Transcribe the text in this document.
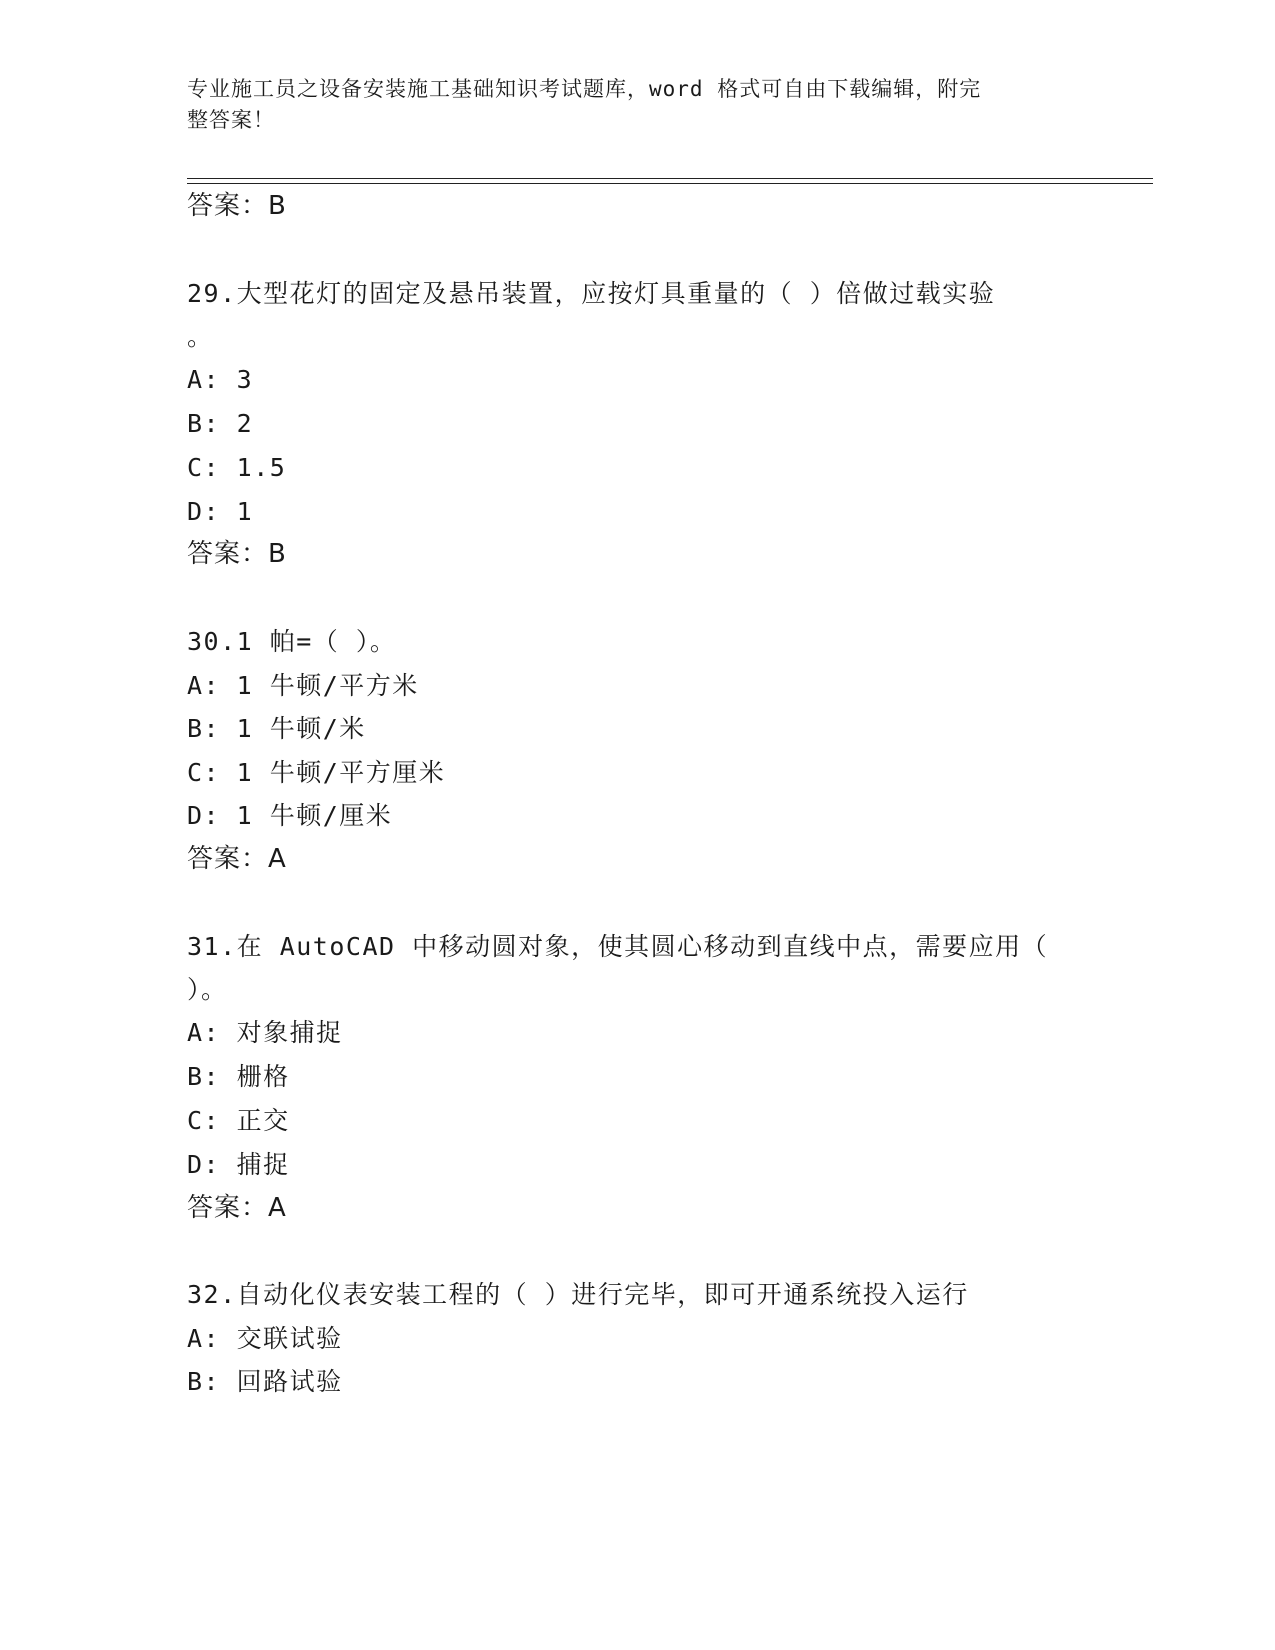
专业施工员之设备安装施工基础知识考试题库，word 格式可自由下载编辑，附完
整答案！
答案：B
29.大型花灯的固定及悬吊装置，应按灯具重量的（ ）倍做过载实验
。
A: 3
B: 2
C: 1.5
D: 1
答案：B
30.1 帕=（ ）。
A: 1 牛顿/平方米
B: 1 牛顿/米
C: 1 牛顿/平方厘米
D: 1 牛顿/厘米
答案：A
31.在 AutoCAD 中移动圆对象，使其圆心移动到直线中点，需要应用（
）。
A: 对象捕捉
B: 栅格
C: 正交
D: 捕捉
答案：A
32.自动化仪表安装工程的（ ）进行完毕，即可开通系统投入运行
A: 交联试验
B: 回路试验
